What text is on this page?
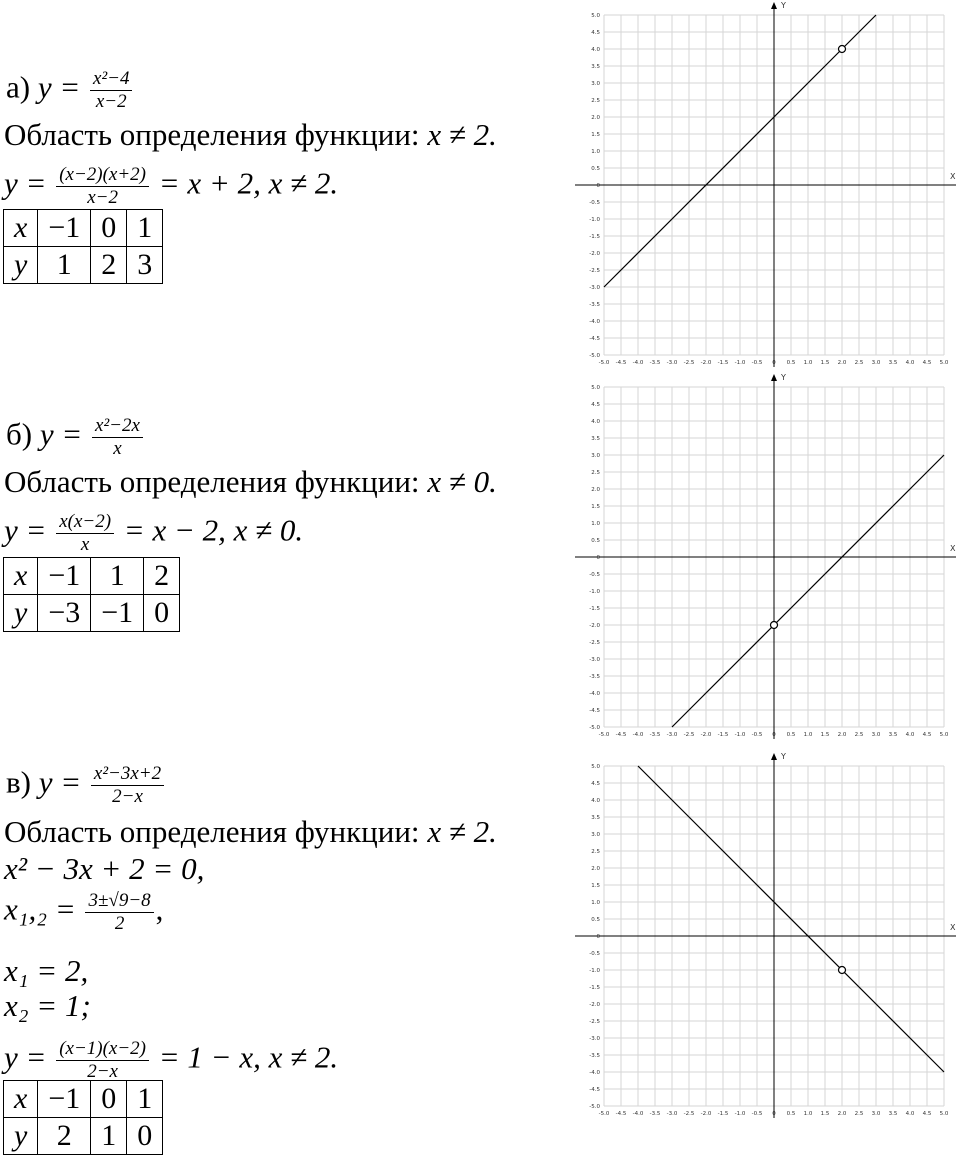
а) $y = \frac{\text{x²−4}}{x-2}$
Область определения функции: x ≠ 2.
$y = \frac{(x-2)(x+2)}{x-2} = x + 2$, x ≠ 2.
x	−1	0	1
y	1	2	3
б) $y = \frac{\text{x²−2x}}{x}$
Область определения функции: x ≠ 0.
$y = \frac{x(x-2)}{x} = x - 2$, x ≠ 0.
x	−1	1	2
y	−3	−1	0
в) $y = \frac{\text{x²−3x+2}}{2-x}$
Область определения функции: x ≠ 2.
x² − 3x + 2 = 0,
$x_1,_2 = \frac{3\pm√9-8}{2}$ ,
x₁ = 2,
x₂ = 1;
$y = \frac{(x-1)(x-2)}{2-x} = 1 - x$, x ≠ 2.
x	−1	0	1
y	2	1	0
X
Y
-5.0
-5.0
-4.5
-4.5
-4.0
-4.0
-3.5
-3.5
-3.0
-3.0
-2.5
-2.5
-2.0
-2.0
-1.5
-1.5
-1.0
-1.0
-0.5
-0.5
0
0
0.5
0.5
1.0
1.0
1.5
1.5
2.0
2.0
2.5
2.5
3.0
3.0
3.5
3.5
4.0
4.0
4.5
4.5
5.0
5.0
X
Y
-5.0
-5.0
-4.5
-4.5
-4.0
-4.0
-3.5
-3.5
-3.0
-3.0
-2.5
-2.5
-2.0
-2.0
-1.5
-1.5
-1.0
-1.0
-0.5
-0.5
0
0
0.5
0.5
1.0
1.0
1.5
1.5
2.0
2.0
2.5
2.5
3.0
3.0
3.5
3.5
4.0
4.0
4.5
4.5
5.0
5.0
X
Y
-5.0
-5.0
-4.5
-4.5
-4.0
-4.0
-3.5
-3.5
-3.0
-3.0
-2.5
-2.5
-2.0
-2.0
-1.5
-1.5
-1.0
-1.0
-0.5
-0.5
0
0
0.5
0.5
1.0
1.0
1.5
1.5
2.0
2.0
2.5
2.5
3.0
3.0
3.5
3.5
4.0
4.0
4.5
4.5
5.0
5.0
